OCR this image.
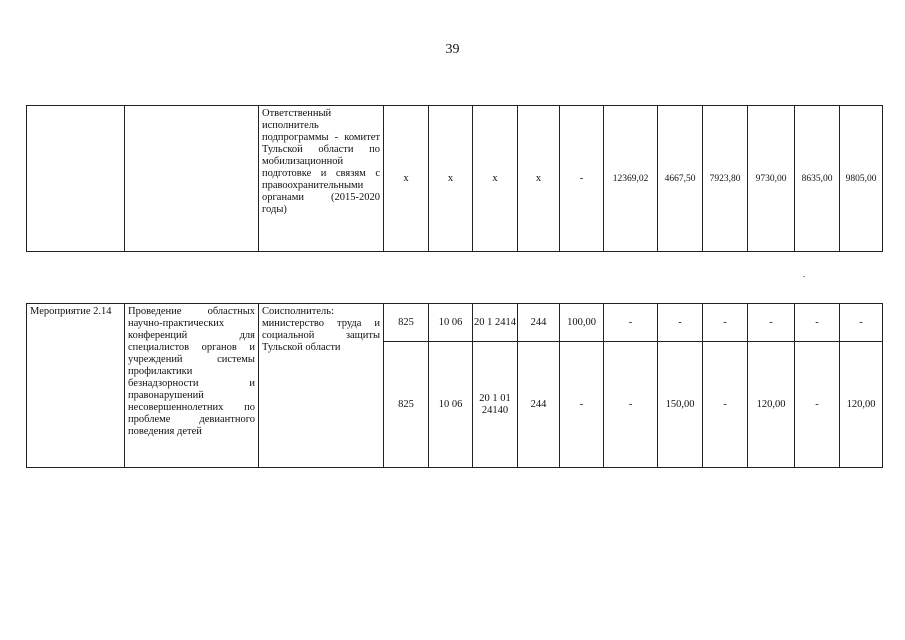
39
		Ответственный исполнитель подпрограммы - комитет Тульской области по мобилизационной подготовке и связям с правоохранительными органами (2015-2020 годы)	х	х	х	х	-	12369,02	4667,50	7923,80	9730,00	8635,00	9805,00
.
Мероприятие 2.14	Проведение областных научно-практических конференций для специалистов органов и учреждений системы профилактики безнадзорности и правонарушений несовершеннолетних по проблеме девиантного поведения детей	Соисполнитель: министерство труда и социальной защиты Тульской области	825	10 06	20 1 2414	244	100,00	-	-	-	-	-	-
			825	10 06	20 1 01 24140	244	-	-	150,00	-	120,00	-	120,00
